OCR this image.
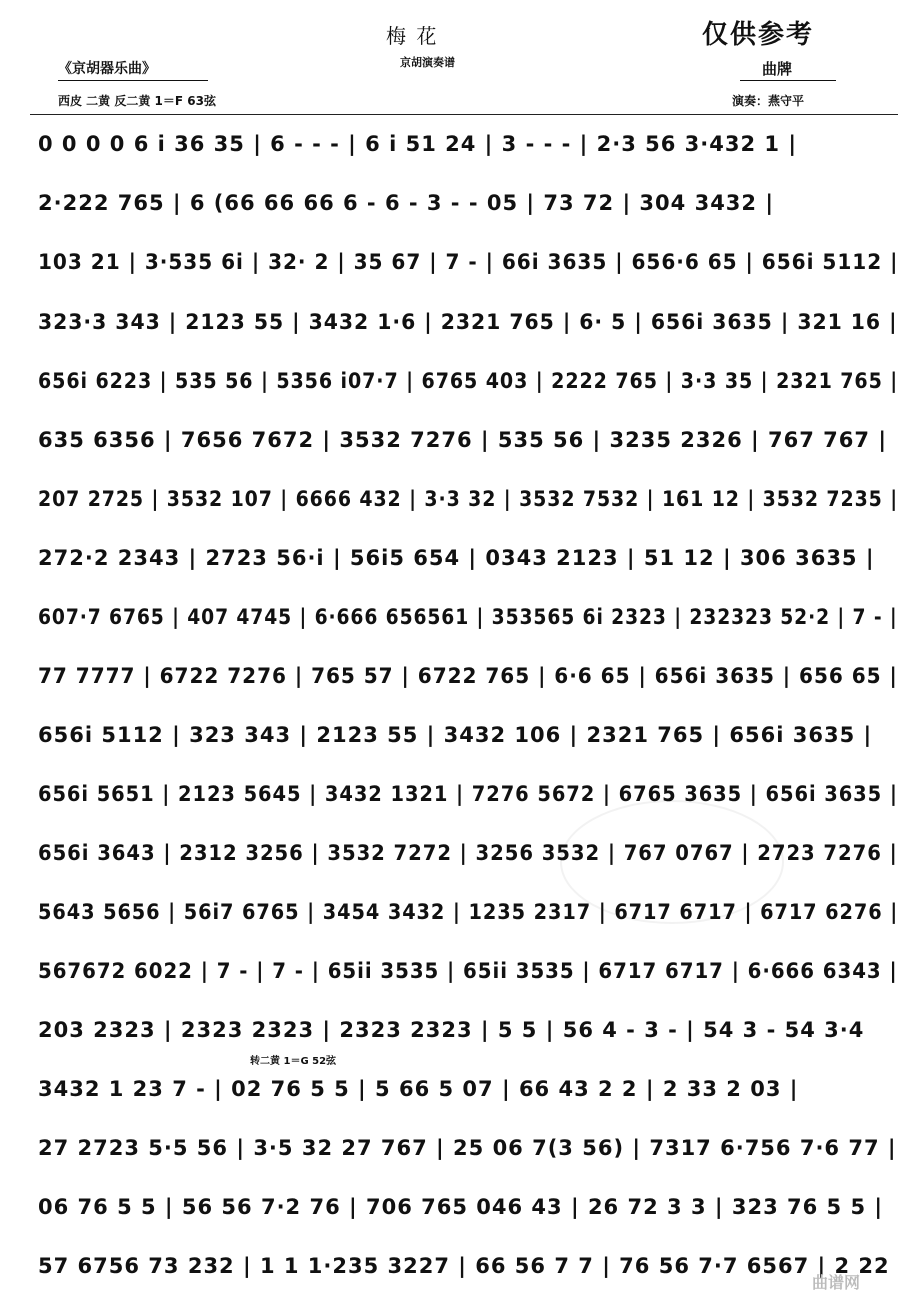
梅 花
京胡演奏谱
仅供参考
《京胡器乐曲》	曲牌
西皮 二黄 反二黄 1＝F 63弦	演奏：燕守平
0 0 0 0 6 i 36 35 | 6 - - - | 6 i 51 24 | 3 - - - | 2·3 56 3·432 1 |
2·222 765 | 6 (66 66 66 6 - 6 - 3 - - 05 | 73 72 | 304 3432 |
103 21 | 3·535 6i | 32· 2 | 35 67 | 7 - | 66i 3635 | 656·6 65 | 656i 5112 |
323·3 343 | 2123 55 | 3432 1·6 | 2321 765 | 6· 5 | 656i 3635 | 321 16 |
656i 6223 | 535 56 | 5356 i07·7 | 6765 403 | 2222 765 | 3·3 35 | 2321 765 |
635 6356 | 7656 7672 | 3532 7276 | 535 56 | 3235 2326 | 767 767 |
207 2725 | 3532 107 | 6666 432 | 3·3 32 | 3532 7532 | 161 12 | 3532 7235 |
272·2 2343 | 2723 56·i | 56i5 654 | 0343 2123 | 51 12 | 306 3635 |
607·7 6765 | 407 4745 | 6·666 656561 | 353565 6i 2323 | 232323 52·2 | 7 - |
77 7777 | 6722 7276 | 765 57 | 6722 765 | 6·6 65 | 656i 3635 | 656 65 |
656i 5112 | 323 343 | 2123 55 | 3432 106 | 2321 765 | 656i 3635 |
656i 5651 | 2123 5645 | 3432 1321 | 7276 5672 | 6765 3635 | 656i 3635 |
656i 3643 | 2312 3256 | 3532 7272 | 3256 3532 | 767 0767 | 2723 7276 |
5643 5656 | 56i7 6765 | 3454 3432 | 1235 2317 | 6717 6717 | 6717 6276 |
567672 6022 | 7 - | 7 - | 65ii 3535 | 65ii 3535 | 6717 6717 | 6·666 6343 |
203 2323 | 2323 2323 | 2323 2323 | 5 5 | 56 4 - 3 - | 54 3 - 54 3·4
3432 1 23 7 - | 02 76 5 5 | 5 66 5 07 | 66 43 2 2 | 2 33 2 03 |
27 2723 5·5 56 | 3·5 32 27 767 | 25 06 7(3 56) | 7317 6·756 7·6 77 |
06 76 5 5 | 56 56 7·2 76 | 706 765 046 43 | 26 72 3 3 | 323 76 5 5 |
57 6756 73 232 | 1 1 1·235 3227 | 66 56 7 7 | 76 56 7·7 6567 | 2 22
转二黄 1＝G 52弦
曲谱网
